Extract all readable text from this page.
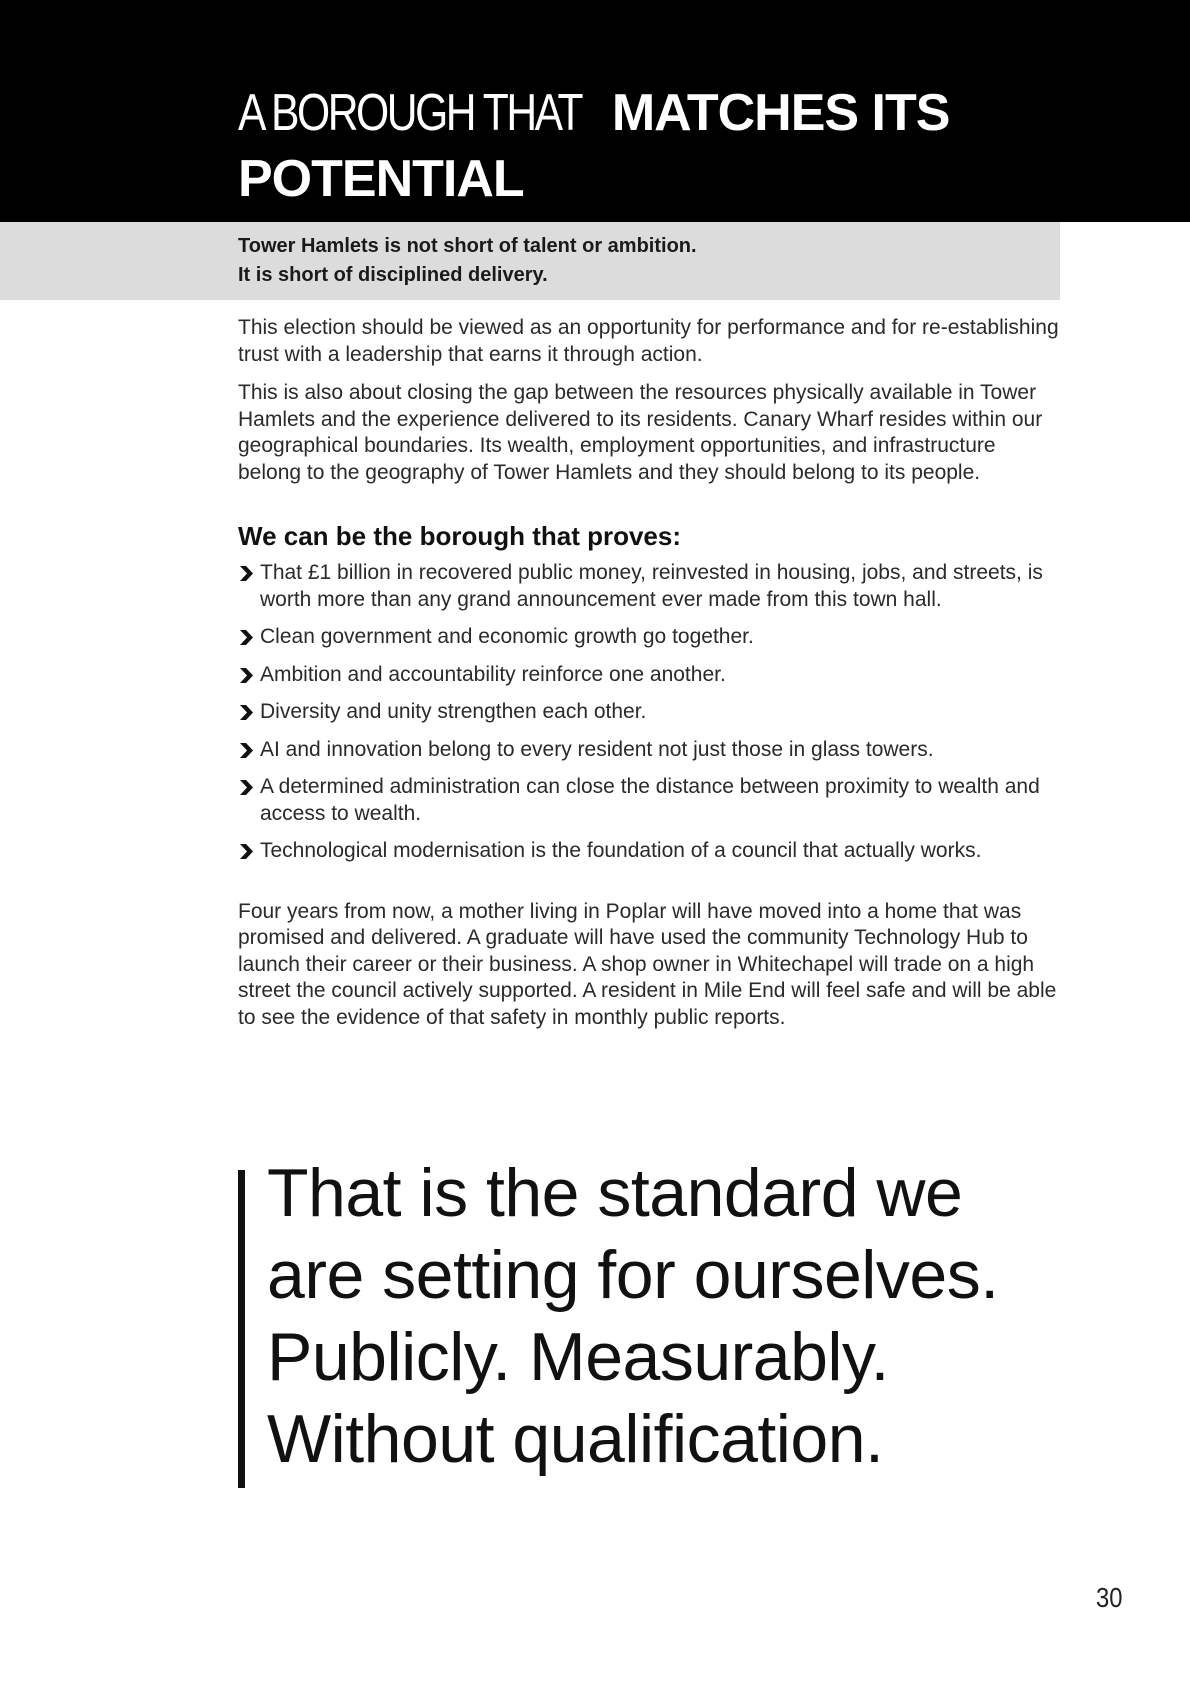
A BOROUGH THAT MATCHES ITS
POTENTIAL
Tower Hamlets is not short of talent or ambition.
It is short of disciplined delivery.

This election should be viewed as an opportunity for performance and for re-establishing trust with a leadership that earns it through action.

This is also about closing the gap between the resources physically available in Tower Hamlets and the experience delivered to its residents. Canary Wharf resides within our geographical boundaries. Its wealth, employment opportunities, and infrastructure belong to the geography of Tower Hamlets and they should belong to its people.

We can be the borough that proves:
That £1 billion in recovered public money, reinvested in housing, jobs, and streets, is worth more than any grand announcement ever made from this town hall.
Clean government and economic growth go together.
Ambition and accountability reinforce one another.
Diversity and unity strengthen each other.
AI and innovation belong to every resident not just those in glass towers.
A determined administration can close the distance between proximity to wealth and access to wealth.
Technological modernisation is the foundation of a council that actually works.

Four years from now, a mother living in Poplar will have moved into a home that was promised and delivered. A graduate will have used the community Technology Hub to launch their career or their business. A shop owner in Whitechapel will trade on a high street the council actively supported. A resident in Mile End will feel safe and will be able to see the evidence of that safety in monthly public reports.

That is the standard we
are setting for ourselves.
Publicly. Measurably.
Without qualification.
30
